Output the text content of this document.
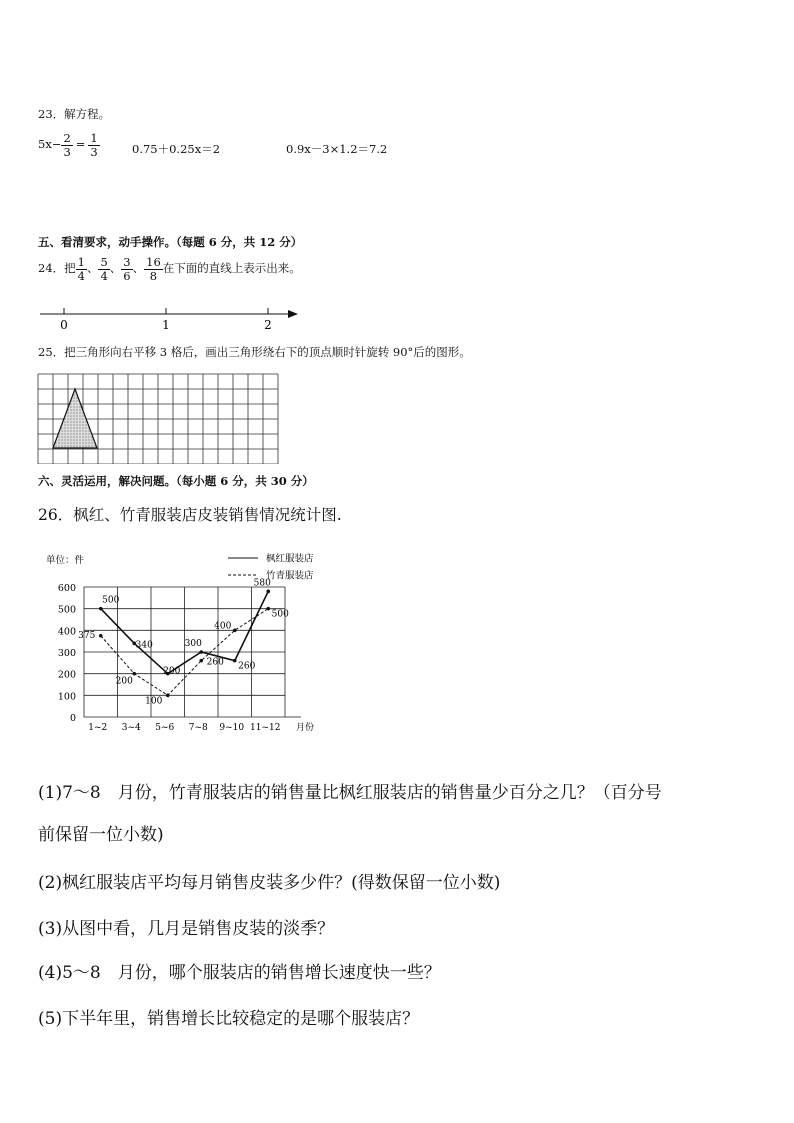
23．解方程。
$5x- \frac{2}{3} = \frac{1}{3}$	0.75＋0.25x＝2	0.9x－3×1.2＝7.2
五、看清要求，动手操作。（每题 6 分，共 12 分）
24．把 $\frac{1}{4}$ 、 $\frac{5}{4}$ 、 $\frac{3}{6}$ 、 $\frac{16}{8}$ 在下面的直线上表示出来。
0	1	2
25．把三角形向右平移 3 格后，画出三角形绕右下的顶点顺时针旋转 90°后的图形。
六、灵活运用，解决问题。（每小题 6 分，共 30 分）
26．枫红、竹青服装店皮装销售情况统计图.
0
100
200
300
400
500
600
1~2 3~4 5~6 7~8 9~10 11~12 月份
单位：件	枫红服装店
竹青服装店
500
340
200
300
260
580
375
200
100
260
400
500
(1)7～8　月份，竹青服装店的销售量比枫红服装店的销售量少百分之几？（百分号
前保留一位小数)
(2)枫红服装店平均每月销售皮装多少件？(得数保留一位小数)
(3)从图中看，几月是销售皮装的淡季？
(4)5～8　月份，哪个服装店的销售增长速度快一些？
(5)下半年里，销售增长比较稳定的是哪个服装店？
